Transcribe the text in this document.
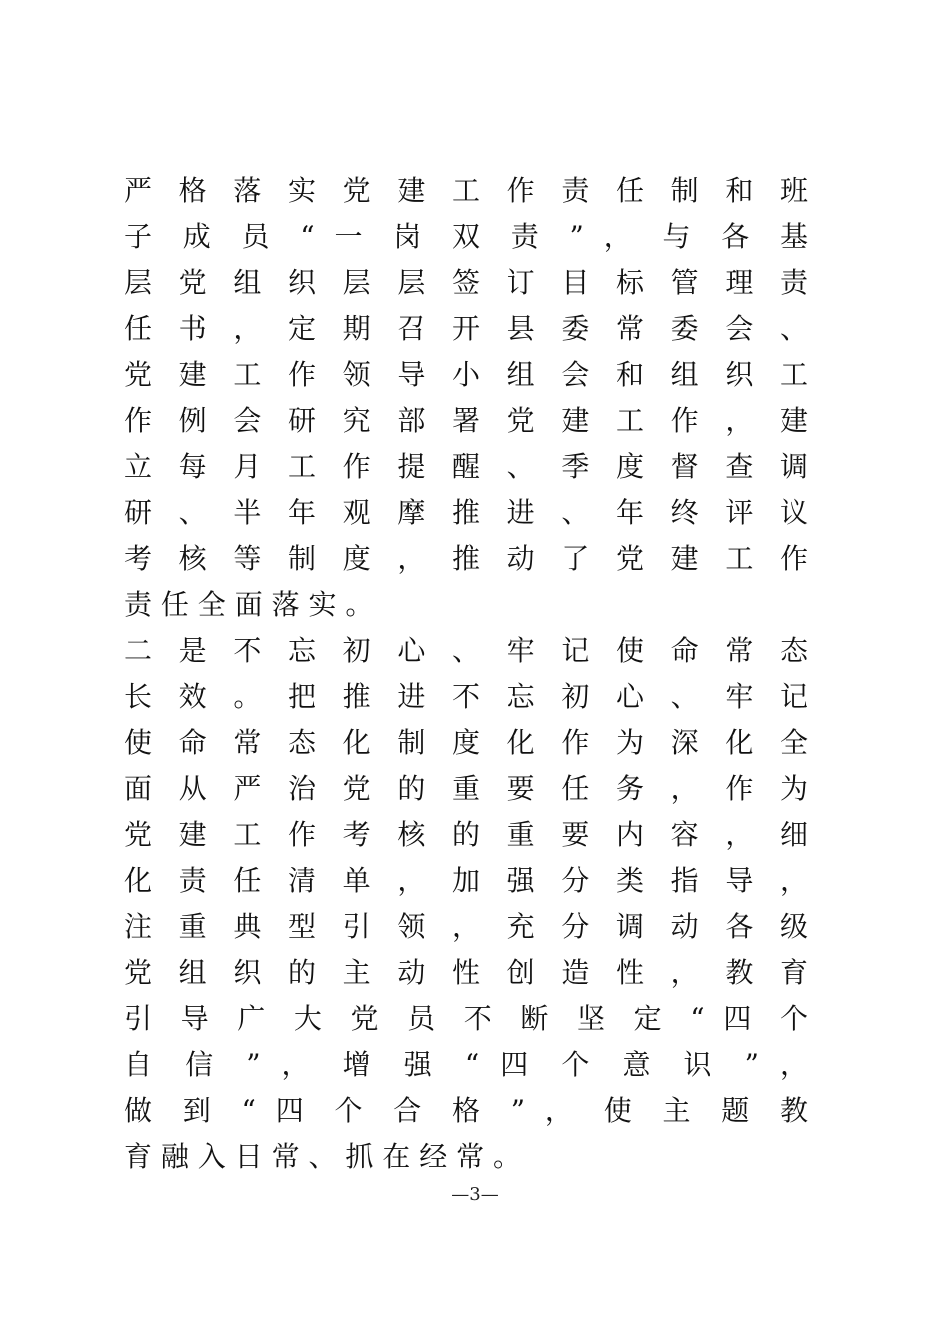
严 格 落 实 党 建 工 作 责 任 制 和 班
子 成 员 “ 一 岗 双 责 ” ， 与 各 基
层 党 组 织 层 层 签 订 目 标 管 理 责
任 书 ， 定 期 召 开 县 委 常 委 会 、
党 建 工 作 领 导 小 组 会 和 组 织 工
作 例 会 研 究 部 署 党 建 工 作 ， 建
立 每 月 工 作 提 醒 、 季 度 督 查 调
研 、 半 年 观 摩 推 进 、 年 终 评 议
考 核 等 制 度 ， 推 动 了 党 建 工 作
责 任 全 面 落 实 。
二 是 不 忘 初 心 、 牢 记 使 命 常 态
长 效 。 把 推 进 不 忘 初 心 、 牢 记
使 命 常 态 化 制 度 化 作 为 深 化 全
面 从 严 治 党 的 重 要 任 务 ， 作 为
党 建 工 作 考 核 的 重 要 内 容 ， 细
化 责 任 清 单 ， 加 强 分 类 指 导 ，
注 重 典 型 引 领 ， 充 分 调 动 各 级
党 组 织 的 主 动 性 创 造 性 ， 教 育
引 导 广 大 党 员 不 断 坚 定 “ 四 个
自 信 ” ， 增 强 “ 四 个 意 识 ” ，
做 到 “ 四 个 合 格 ” ， 使 主 题 教
育 融 入 日 常 、 抓 在 经 常 。
—3—
